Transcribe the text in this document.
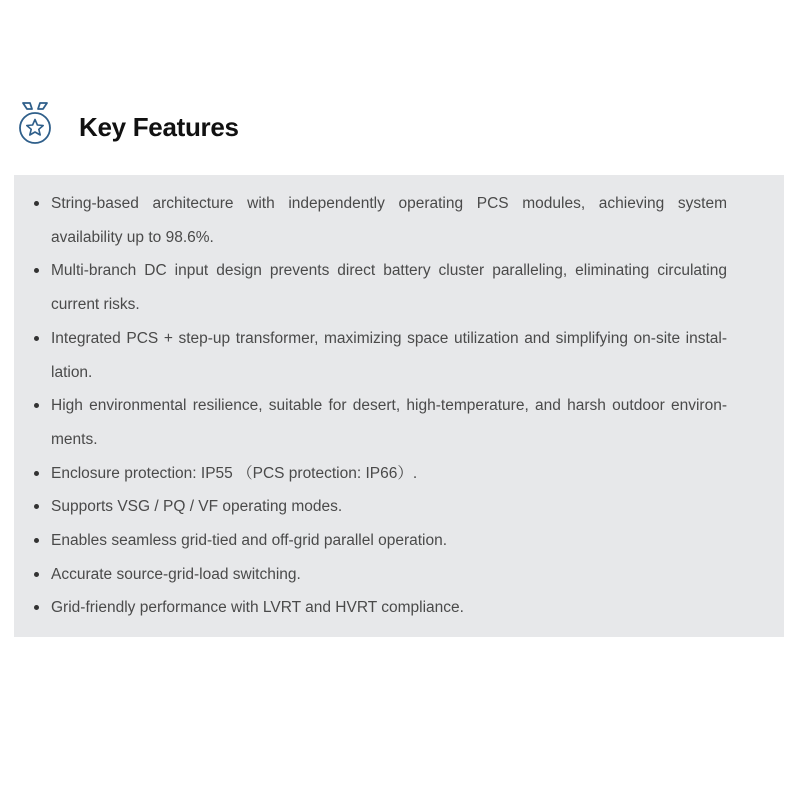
Key Features
String-based architecture with independently operating PCS modules, achieving system availability up to 98.6%.
Multi-branch DC input design prevents direct battery cluster paralleling, eliminating circulating current risks.
Integrated PCS + step-up transformer, maximizing space utilization and simplifying on-site installation.
High environmental resilience, suitable for desert, high-temperature, and harsh outdoor environments.
Enclosure protection: IP55 （PCS protection: IP66）.
Supports VSG / PQ / VF operating modes.
Enables seamless grid-tied and off-grid parallel operation.
Accurate source-grid-load switching.
Grid-friendly performance with LVRT and HVRT compliance.
